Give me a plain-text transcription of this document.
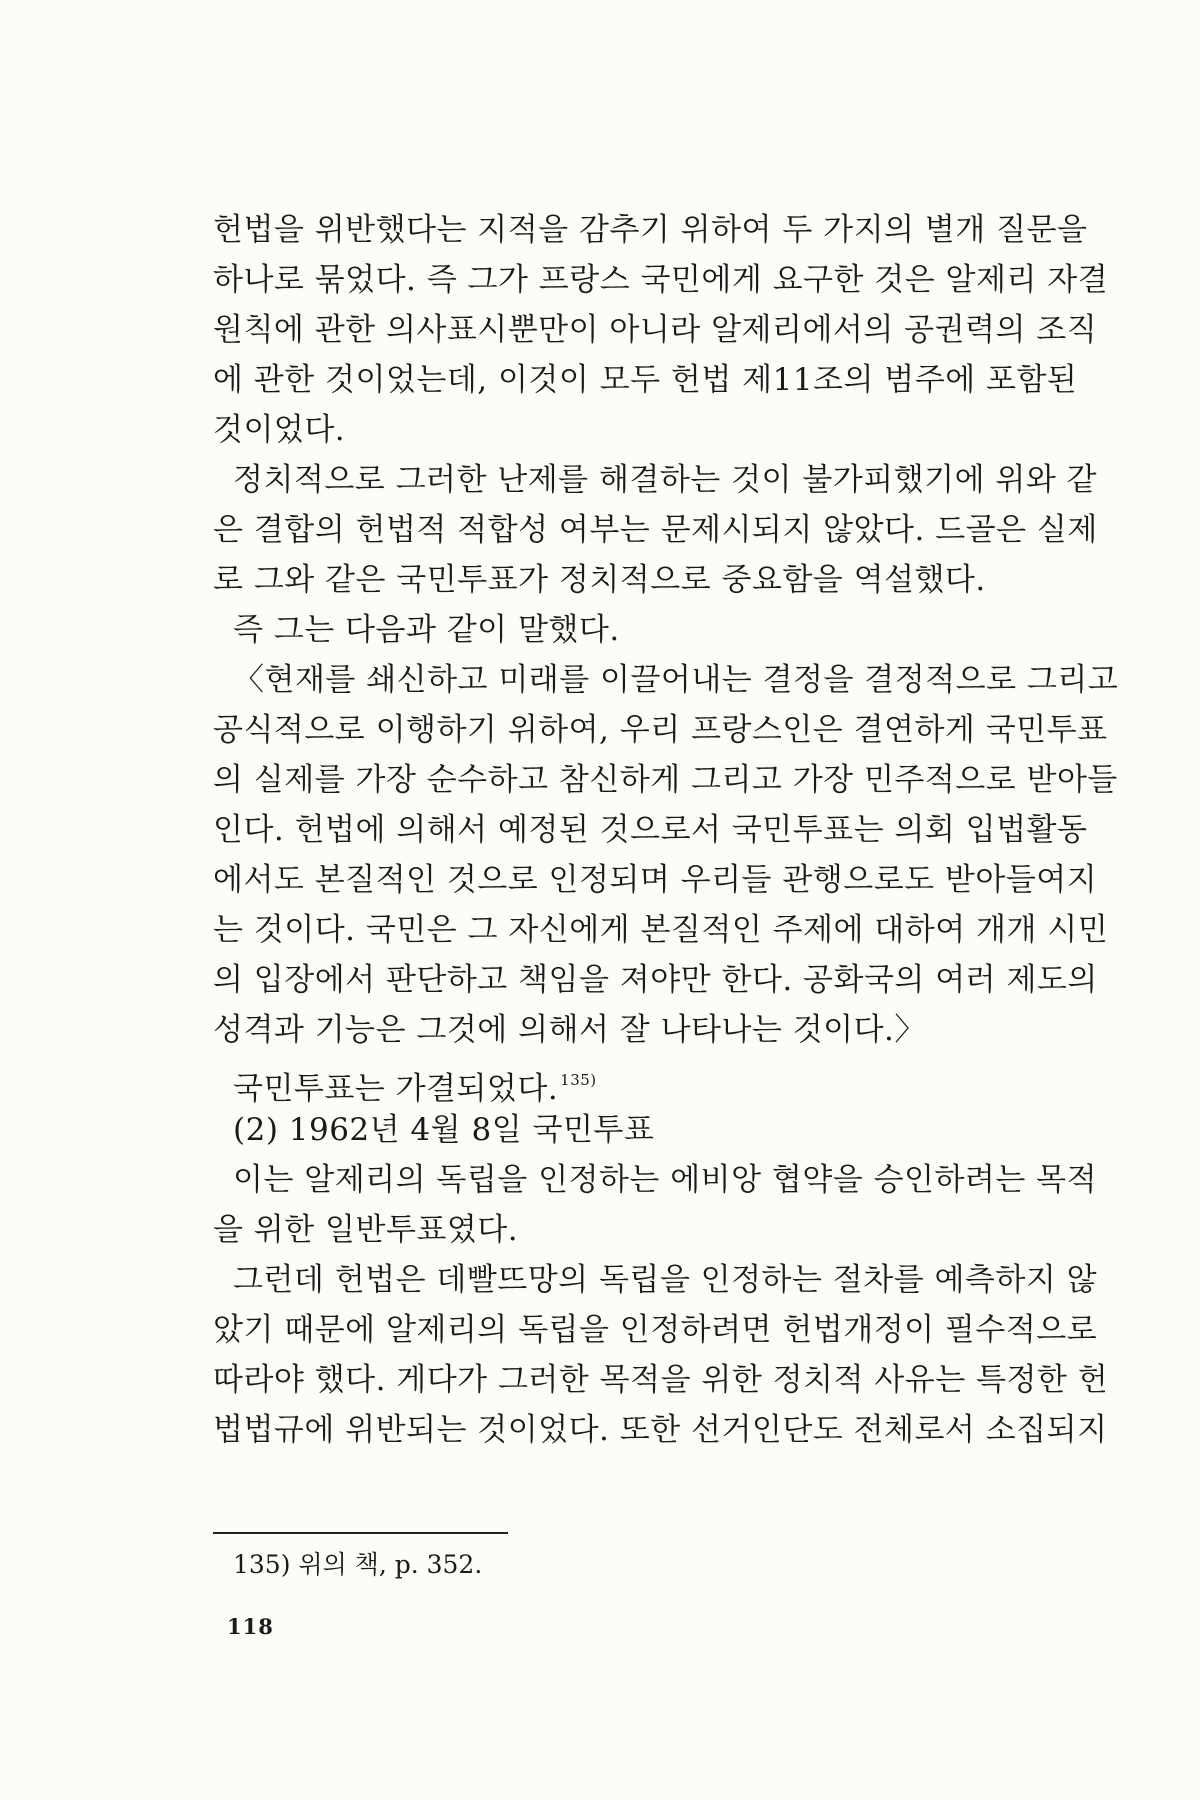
헌법을 위반했다는 지적을 감추기 위하여 두 가지의 별개 질문을
하나로 묶었다. 즉 그가 프랑스 국민에게 요구한 것은 알제리 자결
원칙에 관한 의사표시뿐만이 아니라 알제리에서의 공권력의 조직
에 관한 것이었는데, 이것이 모두 헌법 제11조의 범주에 포함된
것이었다.
정치적으로 그러한 난제를 해결하는 것이 불가피했기에 위와 같
은 결합의 헌법적 적합성 여부는 문제시되지 않았다. 드골은 실제
로 그와 같은 국민투표가 정치적으로 중요함을 역설했다.
즉 그는 다음과 같이 말했다.
〈현재를 쇄신하고 미래를 이끌어내는 결정을 결정적으로 그리고
공식적으로 이행하기 위하여, 우리 프랑스인은 결연하게 국민투표
의 실제를 가장 순수하고 참신하게 그리고 가장 민주적으로 받아들
인다. 헌법에 의해서 예정된 것으로서 국민투표는 의회 입법활동
에서도 본질적인 것으로 인정되며 우리들 관행으로도 받아들여지
는 것이다. 국민은 그 자신에게 본질적인 주제에 대하여 개개 시민
의 입장에서 판단하고 책임을 져야만 한다. 공화국의 여러 제도의
성격과 기능은 그것에 의해서 잘 나타나는 것이다.〉
국민투표는 가결되었다. $^{135)}$
(2) 1962년 4월 8일 국민투표
이는 알제리의 독립을 인정하는 에비앙 협약을 승인하려는 목적
을 위한 일반투표였다.
그런데 헌법은 데빨뜨망의 독립을 인정하는 절차를 예측하지 않
았기 때문에 알제리의 독립을 인정하려면 헌법개정이 필수적으로
따라야 했다. 게다가 그러한 목적을 위한 정치적 사유는 특정한 헌
법법규에 위반되는 것이었다. 또한 선거인단도 전체로서 소집되지
135) 위의 책, p. 352.
118
